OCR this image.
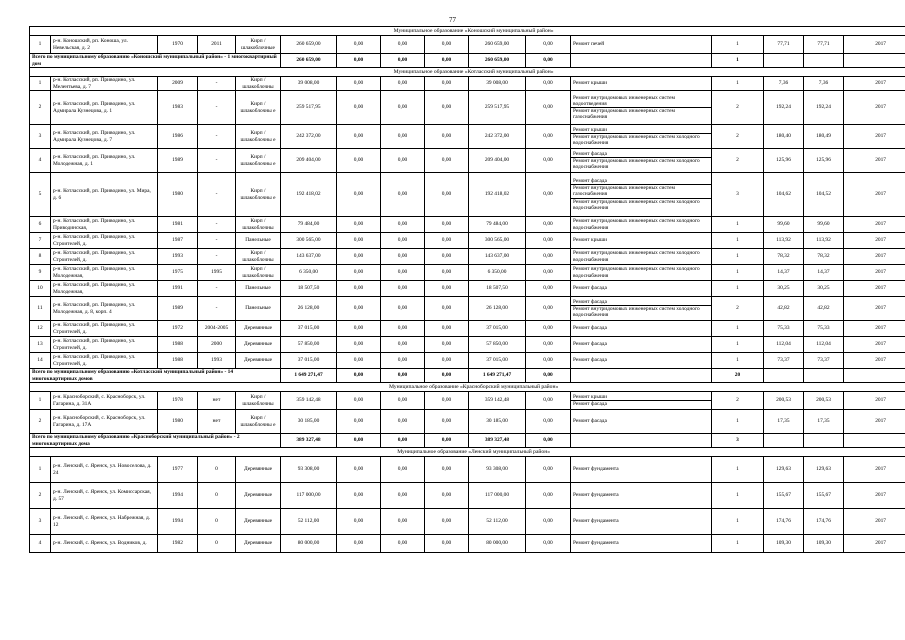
77
Муниципальное образование «Коношский муниципальный район»															
1	р-н. Коношский, рп. Коноша, ул. Невельская, д. 2	1970	2011	Кирп / шлакоблочные	260 659,00	0,00	0,00	0,00	260 659,00	0,00	Ремонт печей	1	77,71	77,71	2017
Всего по муниципальному образованию «Коношский муниципальный район» - 1 многоквартирный дом					260 659,00	0,00	0,00	0,00	260 659,00	0,00		1			
Муниципальное образование «Котласский муниципальный район»															
1	р-н. Котласский, рп. Приводино, ул. Мелентьева, д. 7	2009	-	Кирп / шлакоблочны	39 008,00	0,00	0,00	0,00	39 008,00	0,00	Ремонт крыши	1	7,36	7,36	2017
2	р-н. Котласский, рп. Приводино, ул. Адмирала Кузнецова, д. 1	1983	-	Кирп / шлакоблочны е	259 517,95	0,00	0,00	0,00	259 517,95	0,00	Ремонт внутридомовых инженерных систем водоотведения
Ремонт внутридомовых инженерных систем газоснабжения	2	192,24	192,24	2017
3	р-н. Котласский, рп. Приводино, ул. Адмирала Кузнецова, д. 7	1986	-	Кирп / шлакоблочны е	242 372,00	0,00	0,00	0,00	242 372,00	0,00	Ремонт крыши
Ремонт внутридомовых инженерных систем холодного водоснабжения	2	180,40	180,49	2017
4	р-н. Котласский, рп. Приводино, ул. Молодежная, д. 1	1989	-	Кирп / шлакоблочны е	209 404,00	0,00	0,00	0,00	209 404,00	0,00	Ремонт фасада
Ремонт внутридомовых инженерных систем холодного водоснабжения	2	125,96	125,96	2017
5	р-н. Котласский, рп. Приводино, ул. Мира, д. 6	1980	-	Кирп / шлакоблочны е	192 418,02	0,00	0,00	0,00	192 418,02	0,00	Ремонт фасада
Ремонт внутридомовых инженерных систем газоснабжения
Ремонт внутридомовых инженерных систем холодного водоснабжения	3	104,62	104,52	2017
6	р-н. Котласский, рп. Приводино, ул. Приводинская,	1981	-	Кирп / шлакоблочны	79 484,00	0,00	0,00	0,00	79 484,00	0,00	Ремонт внутридомовых инженерных систем холодного водоснабжения	1	99,60	99,60	2017
7	р-н. Котласский, рп. Приводино, ул. Строителей, д.	1987	-	Панельные	300 565,00	0,00	0,00	0,00	300 565,00	0,00	Ремонт крыши	1	113,92	113,92	2017
8	р-н. Котласский, рп. Приводино, ул. Строителей, д.	1993	-	Кирп / шлакоблочны	143 637,00	0,00	0,00	0,00	143 637,00	0,00	Ремонт внутридомовых инженерных систем холодного водоснабжения	1	78,32	78,32	2017
9	р-н. Котласский, рп. Приводино, ул. Молодежная,	1975	1995	Кирп / шлакоблочны	6 350,00	0,00	0,00	0,00	6 350,00	0,00	Ремонт внутридомовых инженерных систем холодного водоснабжения	1	14,37	14,37	2017
10	р-н. Котласский, рп. Приводино, ул. Молодежная,	1991	-	Панельные	18 507,50	0,00	0,00	0,00	18 507,50	0,00	Ремонт фасада	1	30,25	30,25	2017
11	р-н. Котласский, рп. Приводино, ул. Молодежная, д. 8, корп. 4	1989	-	Панельные	26 128,00	0,00	0,00	0,00	26 128,00	0,00	Ремонт фасада
Ремонт внутридомовых инженерных систем холодного водоснабжения	2	42,82	42,82	2017
12	р-н. Котласский, рп. Приводино, ул. Строителей, д.	1972	2004-2005	Деревянные	37 015,00	0,00	0,00	0,00	37 015,00	0,00	Ремонт фасада	1	75,33	75,33	2017
13	р-н. Котласский, рп. Приводино, ул. Строителей, д.	1988	2000	Деревянные	57 850,00	0,00	0,00	0,00	57 850,00	0,00	Ремонт фасада	1	112,04	112,04	2017
14	р-н. Котласский, рп. Приводино, ул. Строителей, д.	1988	1993	Деревянные	37 015,00	0,00	0,00	0,00	37 015,00	0,00	Ремонт фасада	1	73,37	73,37	2017
Всего по муниципальному образованию «Котласский муниципальный район» - 14 многоквартирных домов					1 649 271,47	0,00	0,00	0,00	1 649 271,47	0,00		20			
Муниципальное образование «Красноборский муниципальный район»															
1	р-н. Красноборский, с. Красноборск, ул. Гагарина, д. 31А	1978	нет	Кирп / шлакоблочны	359 142,48	0,00	0,00	0,00	359 142,48	0,00	Ремонт крыши
Ремонт фасада	2	200,53	200,53	2017
2	р-н. Красноборский, с. Красноборск, ул. Гагарина, д. 17А	1980	нет	Кирп / шлакоблочны е	30 185,00	0,00	0,00	0,00	30 185,00	0,00	Ремонт фасада	1	17,35	17,35	2017
Всего по муниципальному образованию «Красноборский муниципальный район» - 2 многоквартирных дома					389 327,48	0,00	0,00	0,00	389 327,48	0,00		3			
Муниципальное образование «Ленский муниципальный район»															
1	р-н. Ленский, с. Яренск, ул. Новоселова, д. 24	1977	0	Деревянные	93 308,00	0,00	0,00	0,00	93 308,00	0,00	Ремонт фундамента	1	129,63	129,63	2017
2	р-н. Ленский, с. Яренск, ул. Комиссарская, д. 57	1994	0	Деревянные	117 000,00	0,00	0,00	0,00	117 000,00	0,00	Ремонт фундамента	1	155,67	155,67	2017
3	р-н. Ленский, с. Яренск, ул. Набрежная, д. 12	1994	0	Деревянные	52 112,00	0,00	0,00	0,00	52 112,00	0,00	Ремонт фундамента	1	174,76	174,76	2017
4	р-н. Ленский, с. Яренск, ул. Водников, д.	1982	0	Деревянные	80 000,00	0,00	0,00	0,00	80 000,00	0,00	Ремонт фундамента	1	109,30	109,30	2017
